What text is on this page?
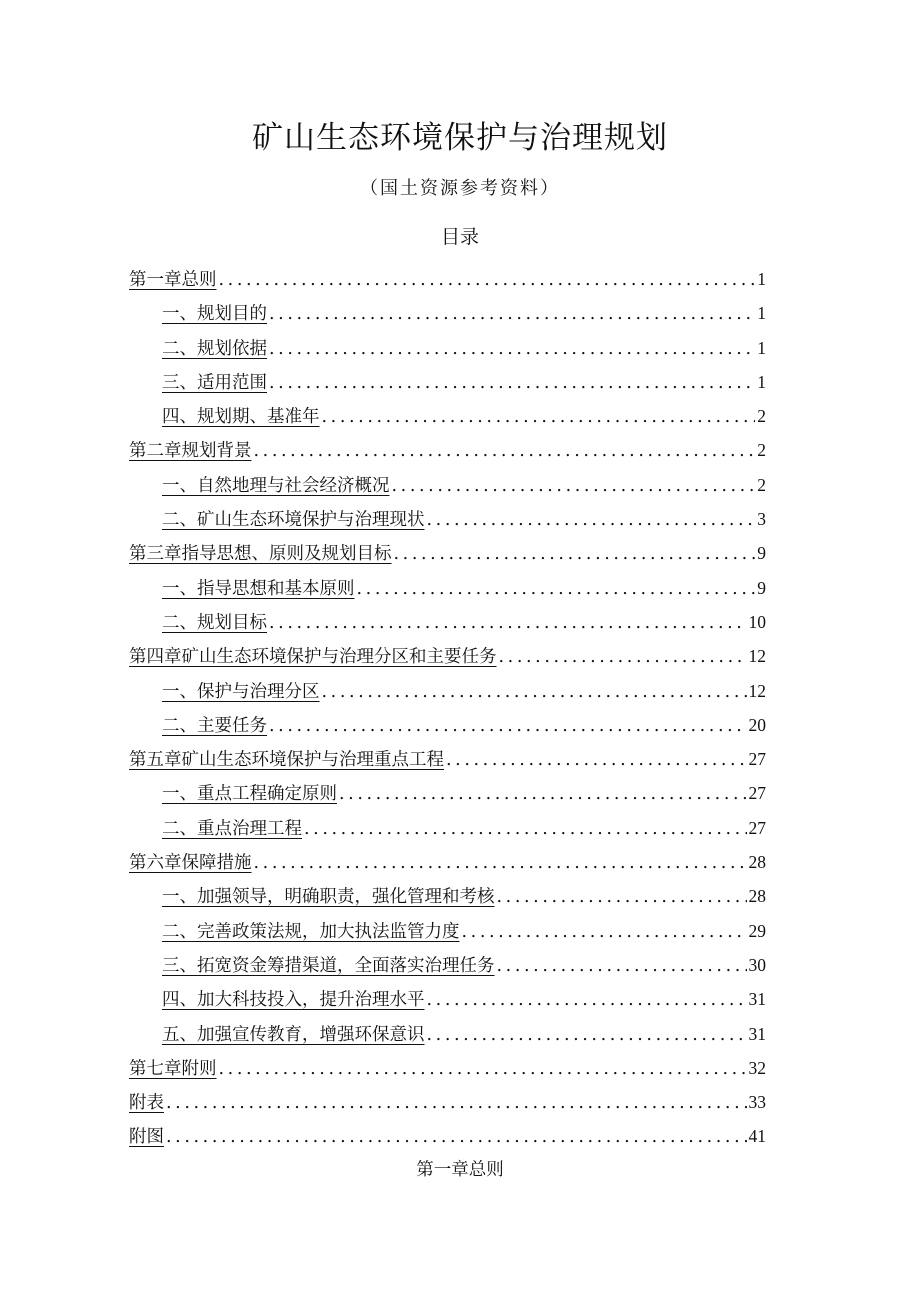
矿山生态环境保护与治理规划
（国土资源参考资料）
目录
第一章总则 .....	1
一、规划目的 .....	1
二、规划依据 .....	1
三、适用范围 .....	1
四、规划期、基准年 .....	2
第二章规划背景 .....	2
一、自然地理与社会经济概况 .....	2
二、矿山生态环境保护与治理现状 .....	3
第三章指导思想、原则及规划目标 .....	9
一、指导思想和基本原则 .....	9
二、规划目标 .....	10
第四章矿山生态环境保护与治理分区和主要任务 .....	12
一、保护与治理分区 .....	12
二、主要任务 .....	20
第五章矿山生态环境保护与治理重点工程 .....	27
一、重点工程确定原则 .....	27
二、重点治理工程 .....	27
第六章保障措施 .....	28
一、加强领导，明确职责，强化管理和考核 .....	28
二、完善政策法规，加大执法监管力度 .....	29
三、拓宽资金筹措渠道，全面落实治理任务 .....	30
四、加大科技投入，提升治理水平 .....	31
五、加强宣传教育，增强环保意识 .....	31
第七章附则 .....	32
附表 .....	33
附图 .....	41
第一章总则
